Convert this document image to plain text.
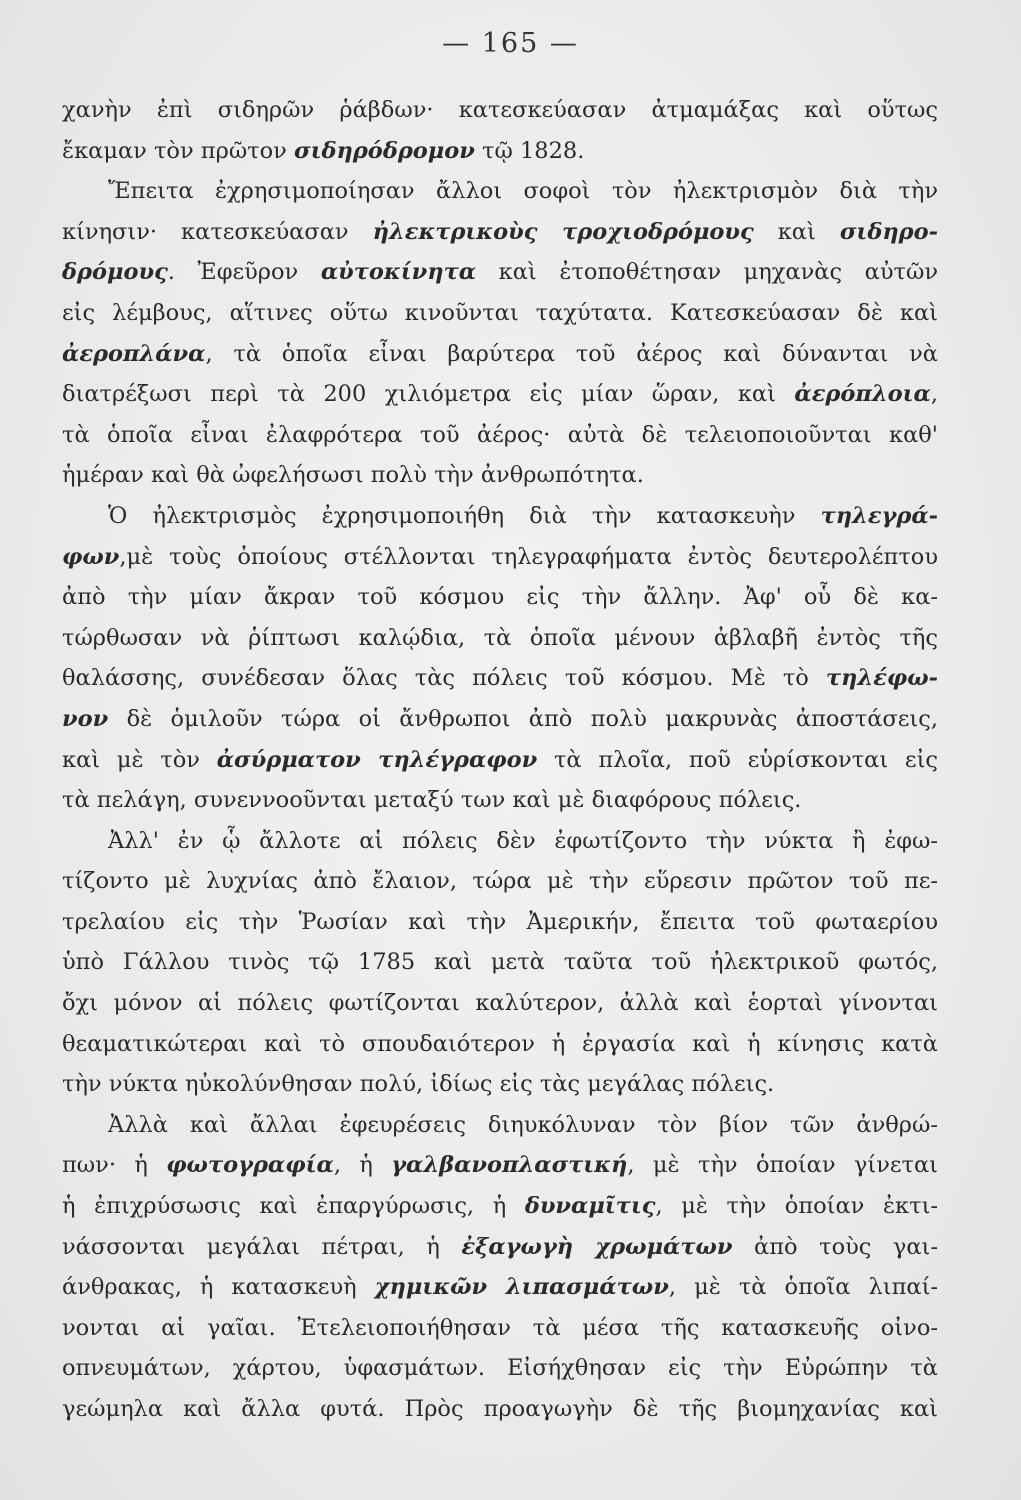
— 165 —
χανὴν ἐπὶ σιδηρῶν ῥάβδων· κατεσκεύασαν ἀτμαμάξας καὶ οὕτως
ἔκαμαν τὸν πρῶτον σιδηρόδρομον τῷ 1828.
Ἔπειτα ἐχρησιμοποίησαν ἄλλοι σοφοὶ τὸν ἠλεκτρισμὸν διὰ τὴν
κίνησιν· κατεσκεύασαν ἠλεκτρικοὺς τροχιοδρόμους καὶ σιδηρο-
δρόμους. Ἐφεῦρον αὐτοκίνητα καὶ ἐτοποθέτησαν μηχανὰς αὐτῶν
εἰς λέμβους, αἵτινες οὕτω κινοῦνται ταχύτατα. Κατεσκεύασαν δὲ καὶ
ἀεροπλάνα, τὰ ὁποῖα εἶναι βαρύτερα τοῦ ἀέρος καὶ δύνανται νὰ
διατρέξωσι περὶ τὰ 200 χιλιόμετρα εἰς μίαν ὥραν, καὶ ἀερόπλοια,
τὰ ὁποῖα εἶναι ἐλαφρότερα τοῦ ἀέρος· αὐτὰ δὲ τελειοποιοῦνται καθ'
ἡμέραν καὶ θὰ ὠφελήσωσι πολὺ τὴν ἀνθρωπότητα.
Ὁ ἠλεκτρισμὸς ἐχρησιμοποιήθη διὰ τὴν κατασκευὴν τηλεγρά-
φων,μὲ τοὺς ὁποίους στέλλονται τηλεγραφήματα ἐντὸς δευτερολέπτου
ἀπὸ τὴν μίαν ἄκραν τοῦ κόσμου εἰς τὴν ἄλλην. Ἀφ' οὗ δὲ κα-
τώρθωσαν νὰ ῥίπτωσι καλῴδια, τὰ ὁποῖα μένουν ἀβλαβῆ ἐντὸς τῆς
θαλάσσης, συνέδεσαν ὅλας τὰς πόλεις τοῦ κόσμου. Μὲ τὸ τηλέφω-
νον δὲ ὁμιλοῦν τώρα οἱ ἄνθρωποι ἀπὸ πολὺ μακρυνὰς ἀποστάσεις,
καὶ μὲ τὸν ἀσύρματον τηλέγραφον τὰ πλοῖα, ποῦ εὑρίσκονται εἰς
τὰ πελάγη, συνεννοοῦνται μεταξύ των καὶ μὲ διαφόρους πόλεις.
Ἀλλ' ἐν ᾧ ἄλλοτε αἱ πόλεις δὲν ἐφωτίζοντο τὴν νύκτα ἢ ἐφω-
τίζοντο μὲ λυχνίας ἀπὸ ἔλαιον, τώρα μὲ τὴν εὕρεσιν πρῶτον τοῦ πε-
τρελαίου εἰς τὴν Ῥωσίαν καὶ τὴν Ἀμερικήν, ἔπειτα τοῦ φωταερίου
ὑπὸ Γάλλου τινὸς τῷ 1785 καὶ μετὰ ταῦτα τοῦ ἠλεκτρικοῦ φωτός,
ὄχι μόνον αἱ πόλεις φωτίζονται καλύτερον, ἀλλὰ καὶ ἑορταὶ γίνονται
θεαματικώτεραι καὶ τὸ σπουδαιότερον ἡ ἐργασία καὶ ἡ κίνησις κατὰ
τὴν νύκτα ηὐκολύνθησαν πολύ, ἰδίως εἰς τὰς μεγάλας πόλεις.
Ἀλλὰ καὶ ἄλλαι ἐφευρέσεις διηυκόλυναν τὸν βίον τῶν ἀνθρώ-
πων· ἡ φωτογραφία, ἡ γαλβανοπλαστική, μὲ τὴν ὁποίαν γίνεται
ἡ ἐπιχρύσωσις καὶ ἐπαργύρωσις, ἡ δυναμῖτις, μὲ τὴν ὁποίαν ἐκτι-
νάσσονται μεγάλαι πέτραι, ἡ ἐξαγωγὴ χρωμάτων ἀπὸ τοὺς γαι-
άνθρακας, ἡ κατασκευὴ χημικῶν λιπασμάτων, μὲ τὰ ὁποῖα λιπαί-
νονται αἱ γαῖαι. Ἐτελειοποιήθησαν τὰ μέσα τῆς κατασκευῆς οἰνο-
οπνευμάτων, χάρτου, ὑφασμάτων. Εἰσήχθησαν εἰς τὴν Εὐρώπην τὰ
γεώμηλα καὶ ἄλλα φυτά. Πρὸς προαγωγὴν δὲ τῆς βιομηχανίας καὶ
